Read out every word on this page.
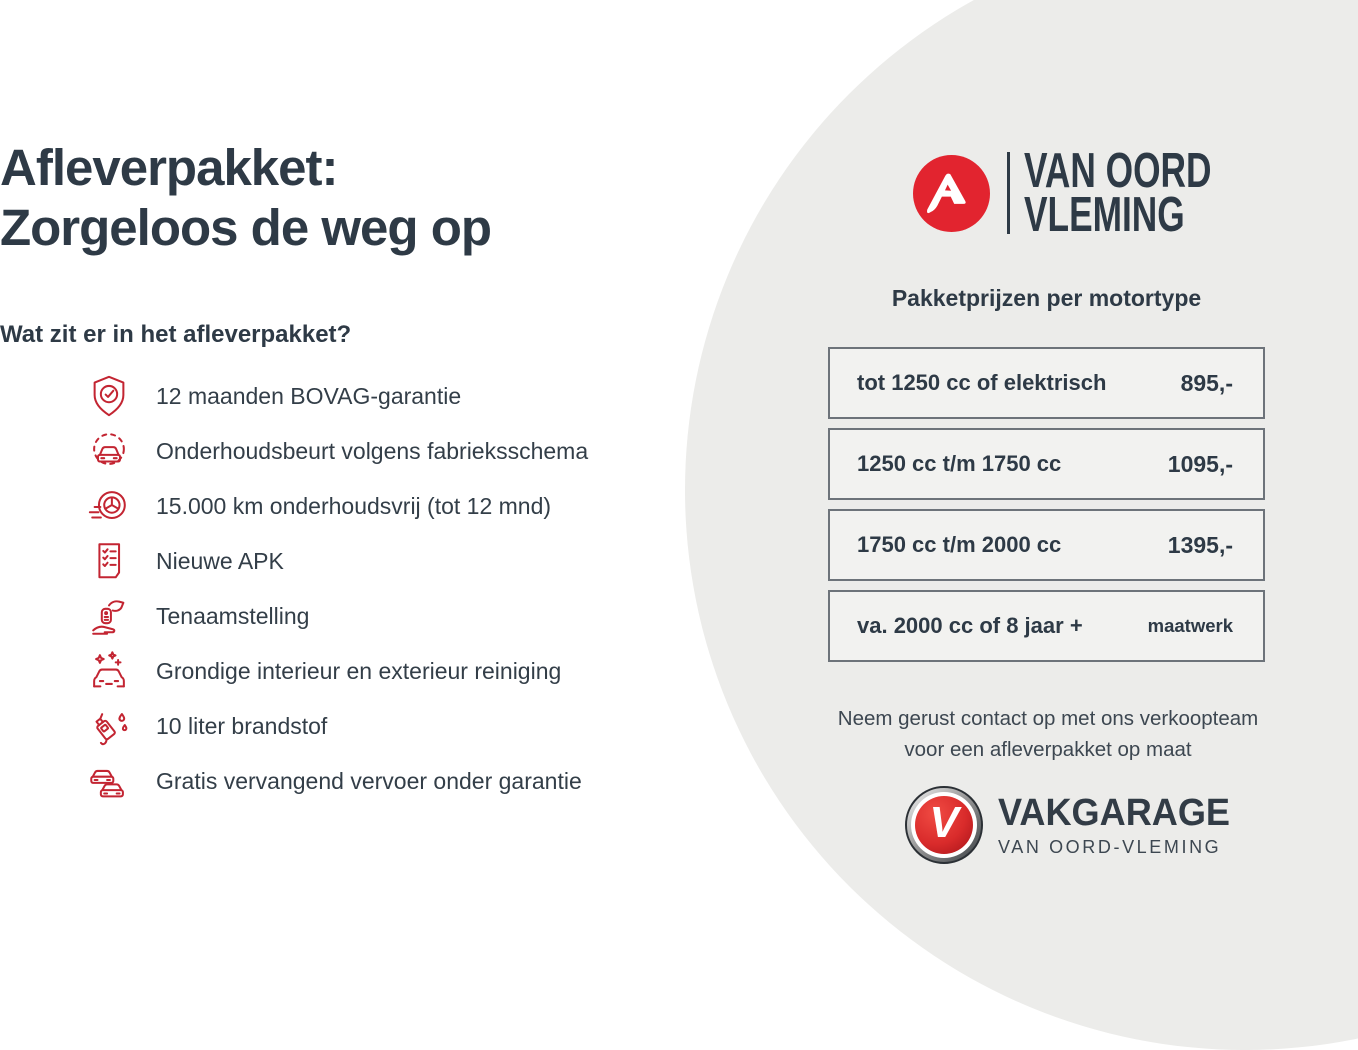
Afleverpakket:
Zorgeloos de weg op
Wat zit er in het afleverpakket?
12 maanden BOVAG-garantie
Onderhoudsbeurt volgens fabrieksschema
15.000 km onderhoudsvrij (tot 12 mnd)
Nieuwe APK
Tenaamstelling
Grondige interieur en exterieur reiniging
10 liter brandstof
Gratis vervangend vervoer onder garantie
VAN OORD
VLEMING
Pakketprijzen per motortype
tot 1250 cc of elektrisch	895,-
1250 cc t/m 1750 cc	1095,-
1750 cc t/m 2000 cc	1395,-
va. 2000 cc of 8 jaar +	maatwerk
Neem gerust contact op met ons verkoopteam
voor een afleverpakket op maat
V VAKGARAGE
VAN OORD-VLEMING
